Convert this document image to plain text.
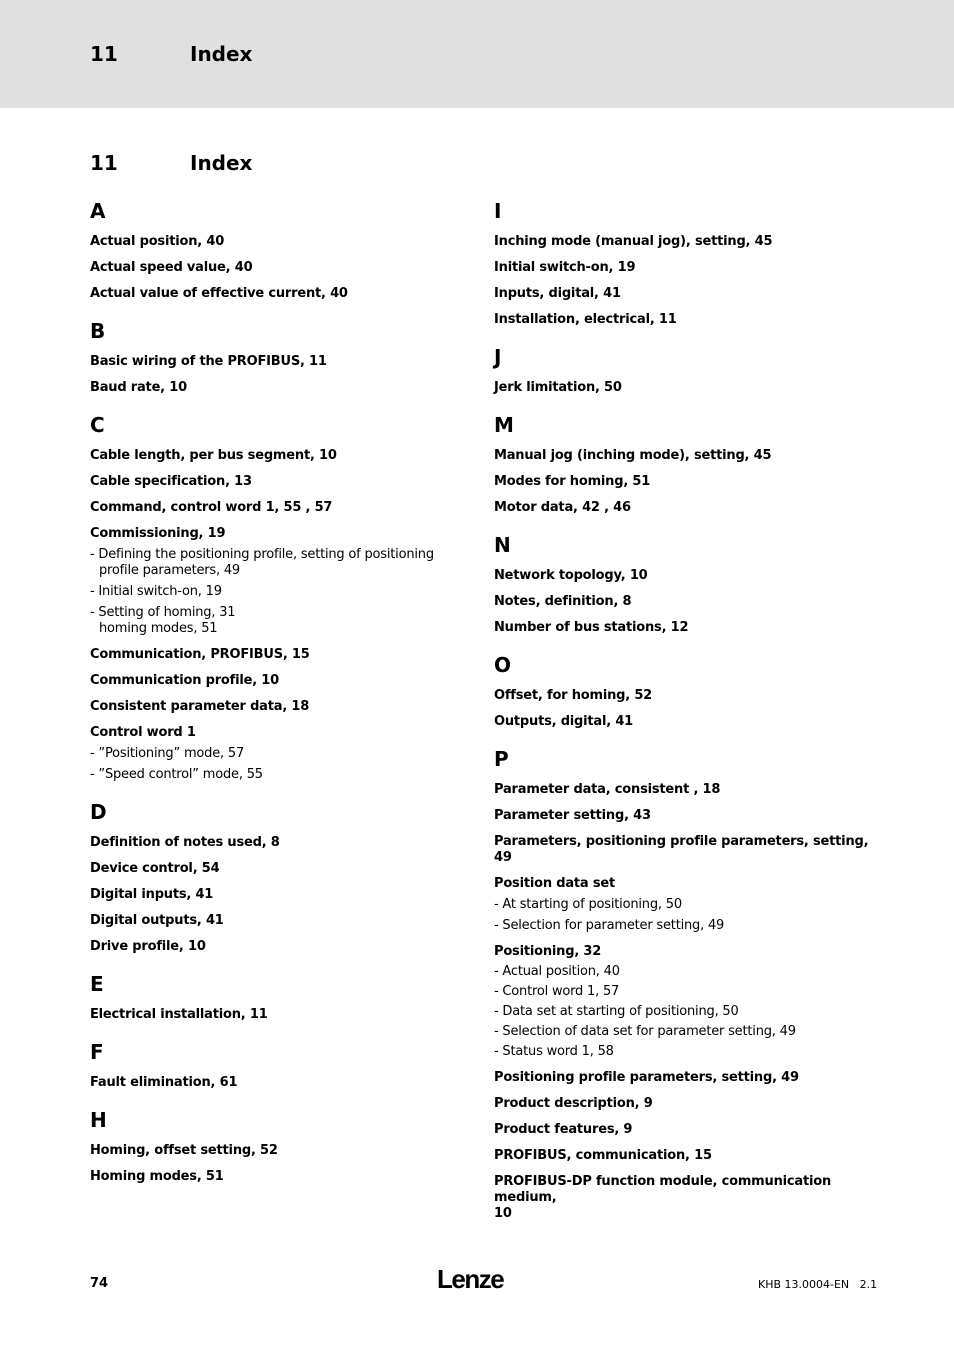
11	Index
11	Index
A
Actual position, 40
Actual speed value, 40
Actual value of effective current, 40
B
Basic wiring of the PROFIBUS, 11
Baud rate, 10
C
Cable length, per bus segment, 10
Cable specification, 13
Command, control word 1, 55 , 57
Commissioning, 19
- Defining the positioning profile, setting of positioning
profile parameters, 49
- Initial switch-on, 19
- Setting of homing, 31
homing modes, 51
Communication, PROFIBUS, 15
Communication profile, 10
Consistent parameter data, 18
Control word 1
- ”Positioning” mode, 57
- ”Speed control” mode, 55
D
Definition of notes used, 8
Device control, 54
Digital inputs, 41
Digital outputs, 41
Drive profile, 10
E
Electrical installation, 11
F
Fault elimination, 61
H
Homing, offset setting, 52
Homing modes, 51
I
Inching mode (manual jog), setting, 45
Initial switch-on, 19
Inputs, digital, 41
Installation, electrical, 11
J
Jerk limitation, 50
M
Manual jog (inching mode), setting, 45
Modes for homing, 51
Motor data, 42 , 46
N
Network topology, 10
Notes, definition, 8
Number of bus stations, 12
O
Offset, for homing, 52
Outputs, digital, 41
P
Parameter data, consistent , 18
Parameter setting, 43
Parameters, positioning profile parameters, setting, 49
Position data set
- At starting of positioning, 50
- Selection for parameter setting, 49
Positioning, 32
- Actual position, 40
- Control word 1, 57
- Data set at starting of positioning, 50
- Selection of data set for parameter setting, 49
- Status word 1, 58
Positioning profile parameters, setting, 49
Product description, 9
Product features, 9
PROFIBUS, communication, 15
PROFIBUS-DP function module, communication medium,
10
74	Lenze	KHB 13.0004-EN   2.1
